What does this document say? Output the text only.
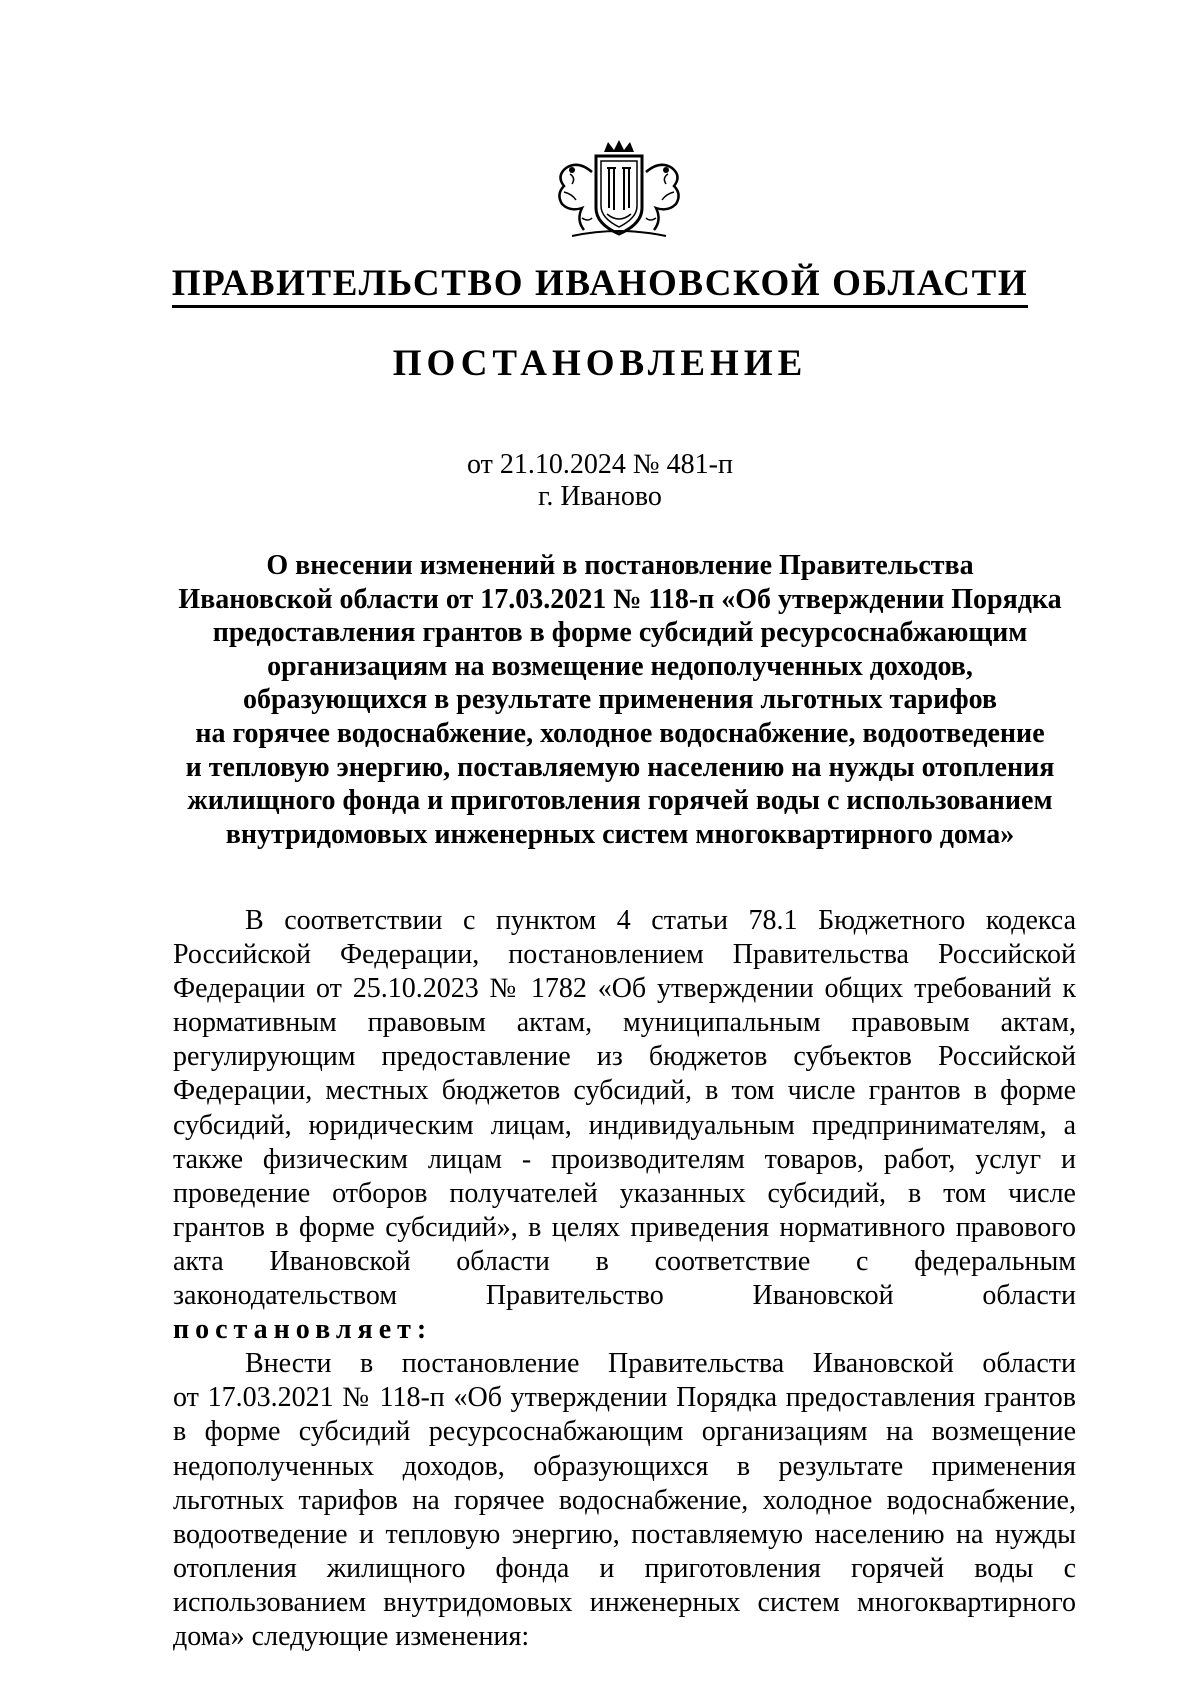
ПРАВИТЕЛЬСТВО ИВАНОВСКОЙ ОБЛАСТИ
ПОСТАНОВЛЕНИЕ
от 21.10.2024 № 481-п
г. Иваново
О внесении изменений в постановление Правительства
Ивановской области от 17.03.2021 № 118-п «Об утверждении Порядка
предоставления грантов в форме субсидий ресурсоснабжающим
организациям на возмещение недополученных доходов,
образующихся в результате применения льготных тарифов
на горячее водоснабжение, холодное водоснабжение, водоотведение
и тепловую энергию, поставляемую населению на нужды отопления
жилищного фонда и приготовления горячей воды с использованием
внутридомовых инженерных систем многоквартирного дома»
В соответствии с пунктом 4 статьи 78.1 Бюджетного кодекса
Российской Федерации, постановлением Правительства Российской
Федерации от 25.10.2023 № 1782 «Об утверждении общих требований к
нормативным правовым актам, муниципальным правовым актам,
регулирующим предоставление из бюджетов субъектов Российской
Федерации, местных бюджетов субсидий, в том числе грантов в форме
субсидий, юридическим лицам, индивидуальным предпринимателям, а
также физическим лицам - производителям товаров, работ, услуг и
проведение отборов получателей указанных субсидий, в том числе
грантов в форме субсидий», в целях приведения нормативного правового
акта Ивановской области в соответствие с федеральным
законодательством Правительство Ивановской области
постановляет:
Внести в постановление Правительства Ивановской области
от 17.03.2021 № 118-п «Об утверждении Порядка предоставления грантов
в форме субсидий ресурсоснабжающим организациям на возмещение
недополученных доходов, образующихся в результате применения
льготных тарифов на горячее водоснабжение, холодное водоснабжение,
водоотведение и тепловую энергию, поставляемую населению на нужды
отопления жилищного фонда и приготовления горячей воды с
использованием внутридомовых инженерных систем многоквартирного
дома» следующие изменения:
